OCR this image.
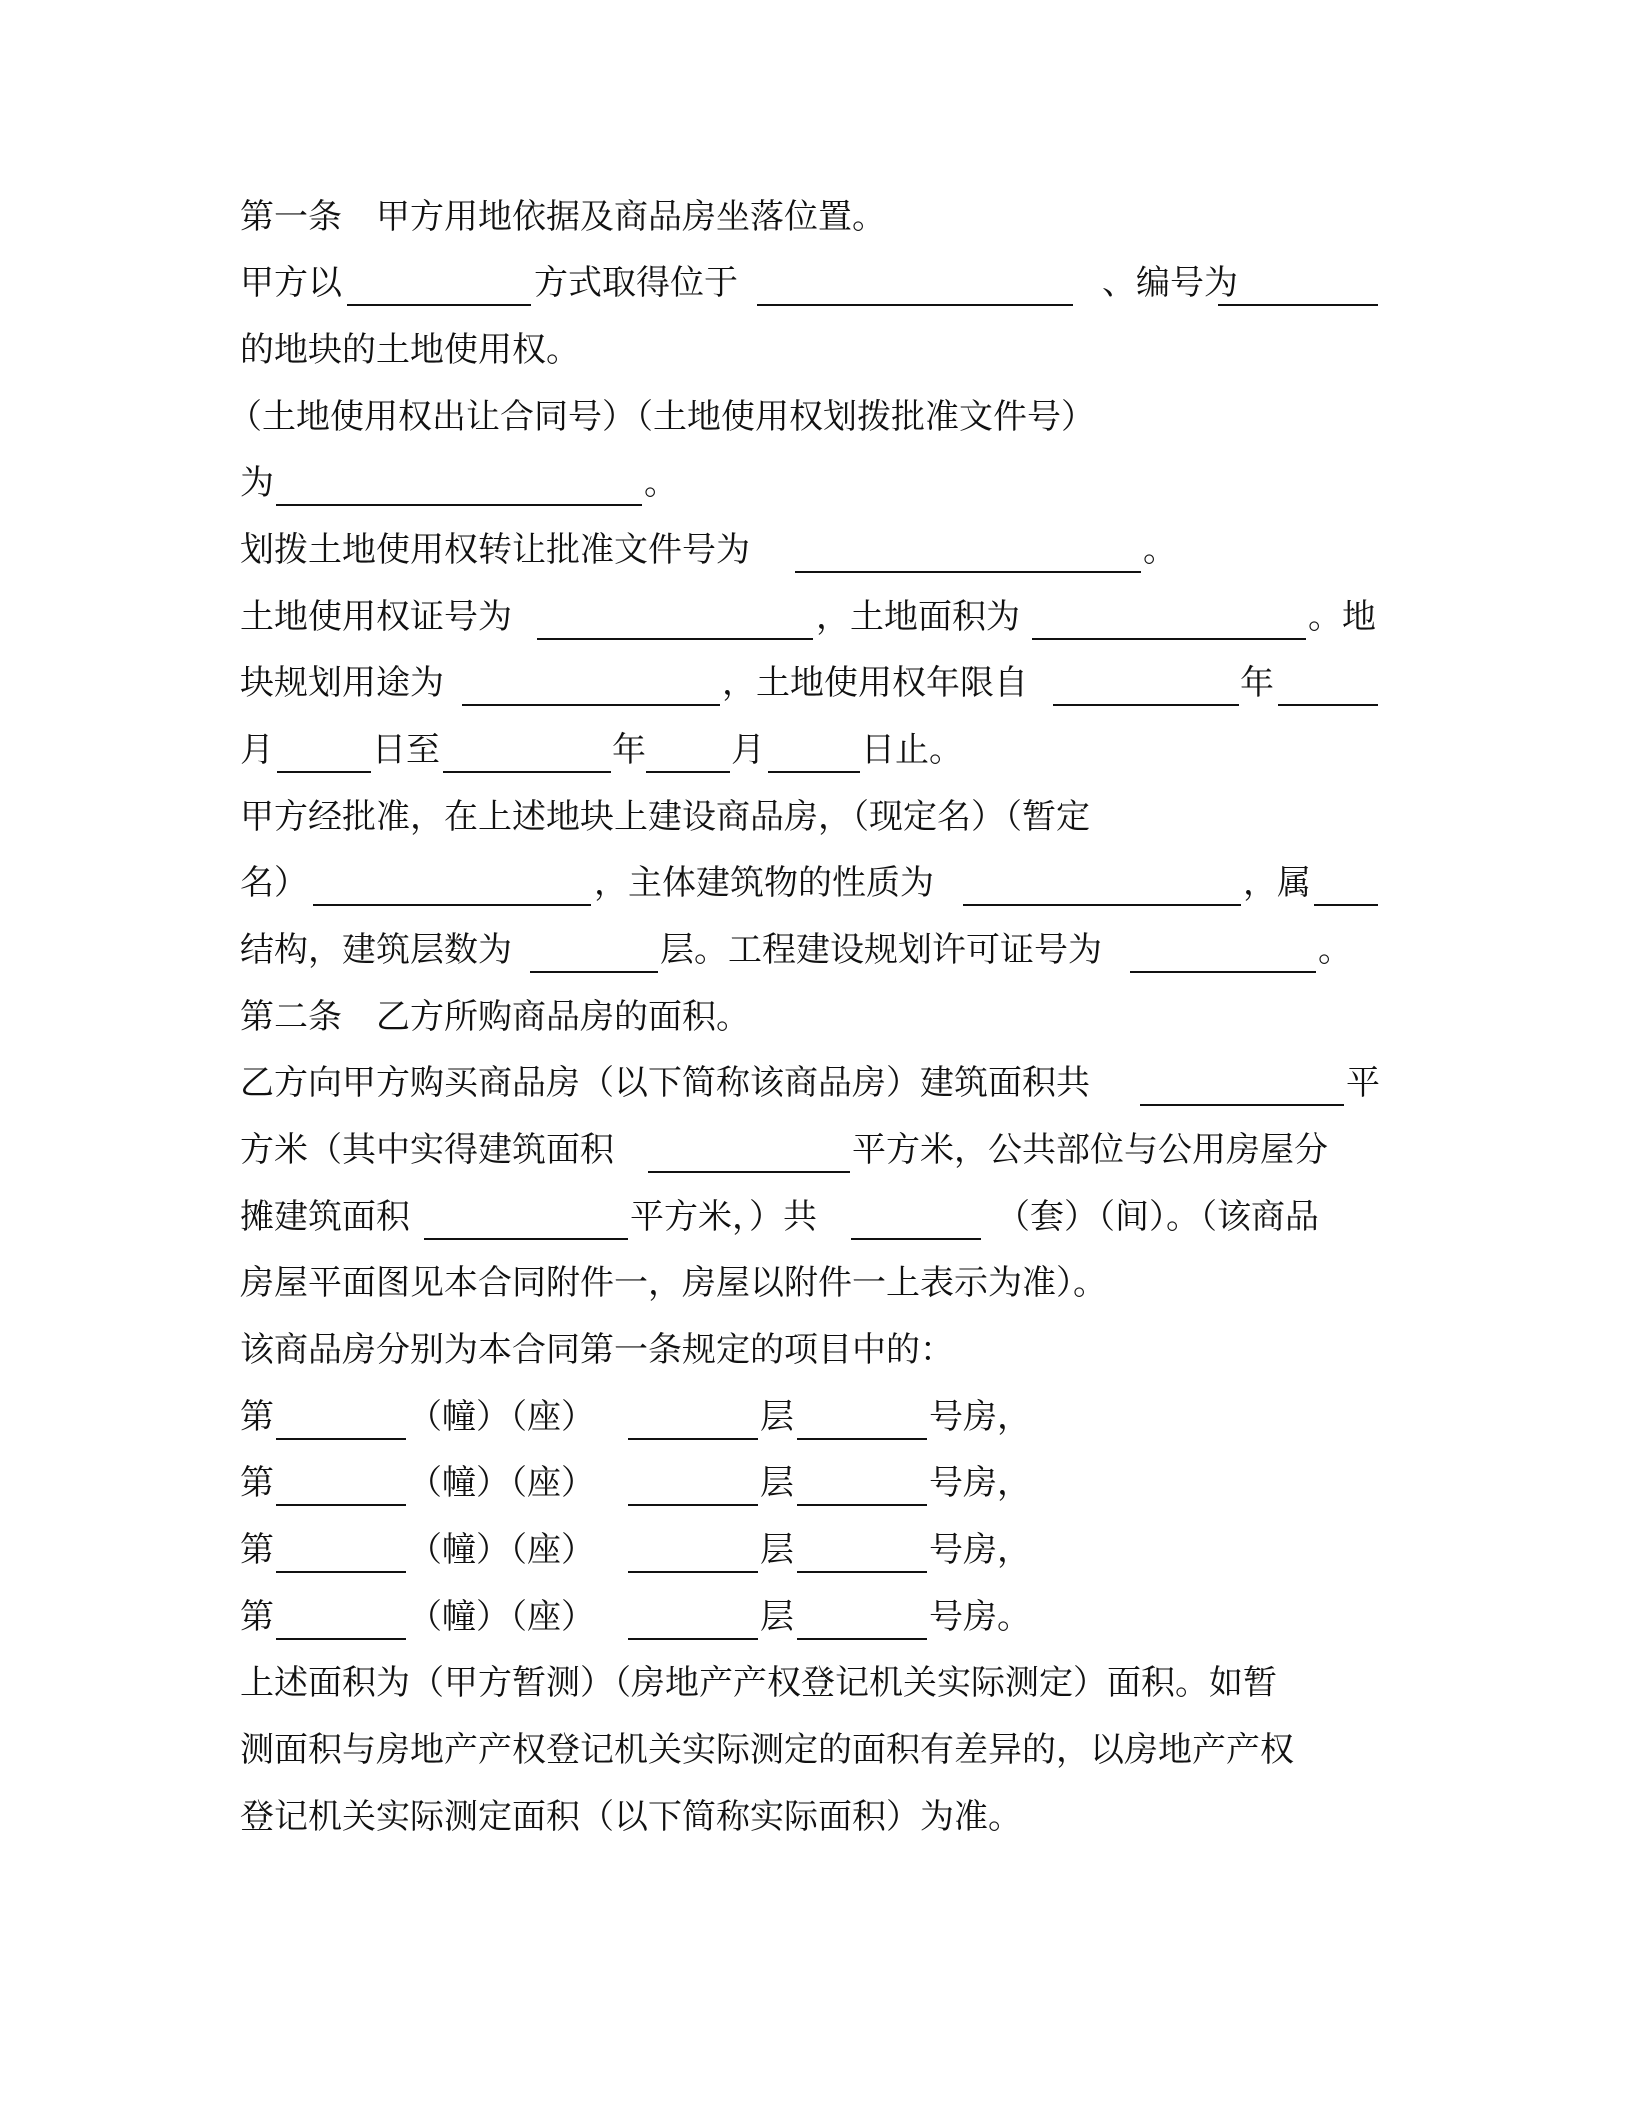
第一条　甲方用地依据及商品房坐落位置。
甲方以	方式取得位于	、编号为
的地块的土地使用权。
（土地使用权出让合同号）（土地使用权划拨批准文件号）
为	。
划拨土地使用权转让批准文件号为	。
土地使用权证号为	，土地面积为	。地
块规划用途为	，土地使用权年限自	年
月	日至	年	月	日止。
甲方经批准，在上述地块上建设商品房，（现定名）（暂定
名）	，主体建筑物的性质为	，属
结构，建筑层数为	层。工程建设规划许可证号为	。
第二条　乙方所购商品房的面积。
乙方向甲方购买商品房（以下简称该商品房）建筑面积共	平
方米（其中实得建筑面积	平方米，公共部位与公用房屋分
摊建筑面积	平方米，）共	（套）（间）。（该商品
房屋平面图见本合同附件一，房屋以附件一上表示为准）。
该商品房分别为本合同第一条规定的项目中的：
第	（幢）（座）	层	号房，
第	（幢）（座）	层	号房，
第	（幢）（座）	层	号房，
第	（幢）（座）	层	号房。
上述面积为（甲方暂测）（房地产产权登记机关实际测定）面积。如暂
测面积与房地产产权登记机关实际测定的面积有差异的，以房地产产权
登记机关实际测定面积（以下简称实际面积）为准。
